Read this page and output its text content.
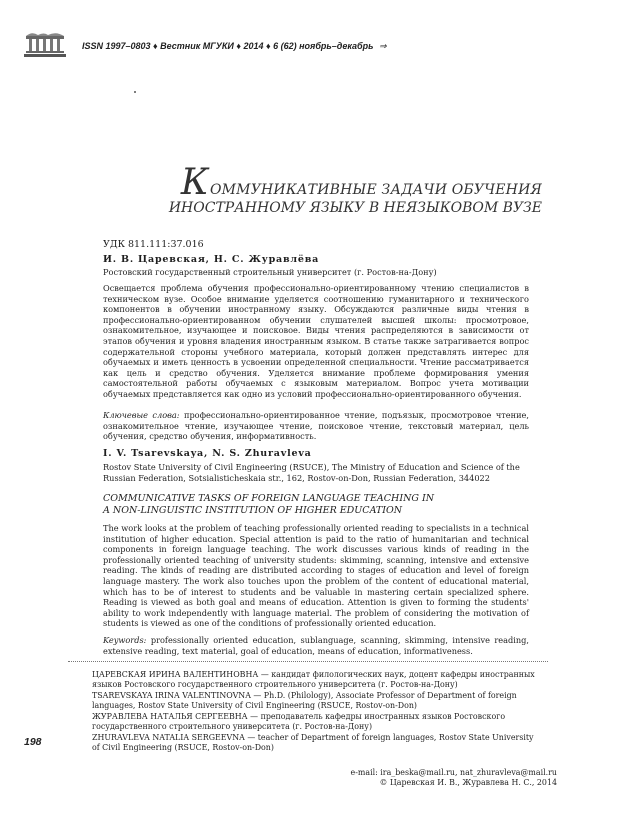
ISSN 1997–0803 ♦ Вестник МГУКИ ♦ 2014 ♦ 6 (62) ноябрь–декабрь ⇒
КОММУНИКАТИВНЫЕ ЗАДАЧИ ОБУЧЕНИЯ
ИНОСТРАННОМУ ЯЗЫКУ В НЕЯЗЫКОВОМ ВУЗЕ
УДК 811.111:37.016
И. В. Царевская, Н. С. Журавлёва
Ростовский государственный строительный университет (г. Ростов-на-Дону)
Освещается проблема обучения профессионально-ориентированному чтению специалистов в техническом вузе. Особое внимание уделяется соотношению гуманитарного и технического компонентов в обучении иностранному языку. Обсуждаются различные виды чтения в профессионально-ориентированном обучении слушателей высшей школы: просмотровое, ознакомительное, изучающее и поисковое. Виды чтения распределяются в зависимости от этапов обучения и уровня владения иностранным языком. В статье также затрагивается вопрос содержательной стороны учебного материала, который должен представлять интерес для обучаемых и иметь ценность в усвоении определенной специальности. Чтение рассматривается как цель и средство обучения. Уделяется внимание проблеме формирования умения самостоятельной работы обучаемых с языковым материалом. Вопрос учета мотивации обучаемых представляется как одно из условий профессионально-ориентированного обучения.
Ключевые слова: профессионально-ориентированное чтение, подъязык, просмотровое чтение, ознакомительное чтение, изучающее чтение, поисковое чтение, текстовый материал, цель обучения, средство обучения, информативность.
I. V. Tsarevskaya, N. S. Zhuravleva
Rostov State University of Civil Engineering (RSUCE), The Ministry of Education and Science of the Russian Federation, Sotsialisticheskaia str., 162, Rostov-on-Don, Russian Federation, 344022
COMMUNICATIVE TASKS OF FOREIGN LANGUAGE TEACHING IN
A NON-LINGUISTIC INSTITUTION OF HIGHER EDUCATION
The work looks at the problem of teaching professionally oriented reading to specialists in a technical institution of higher education. Special attention is paid to the ratio of humanitarian and technical components in foreign language teaching. The work discusses various kinds of reading in the professionally oriented teaching of university students: skimming, scanning, intensive and extensive reading. The kinds of reading are distributed according to stages of education and level of foreign language mastery. The work also touches upon the problem of the content of educational material, which has to be of interest to students and be valuable in mastering certain specialized sphere. Reading is viewed as both goal and means of education. Attention is given to forming the students' ability to work independently with language material. The problem of considering the motivation of students is viewed as one of the conditions of professionally oriented education.
Keywords: professionally oriented education, sublanguage, scanning, skimming, intensive reading, extensive reading, text material, goal of education, means of education, informativeness.
ЦАРЕВСКАЯ ИРИНА ВАЛЕНТИНОВНА — кандидат филологических наук, доцент кафедры иностранных языков Ростовского государственного строительного университета (г. Ростов-на-Дону)
TSAREVSKAYA IRINA VALENTINOVNA — Ph.D. (Philology), Associate Professor of Department of foreign languages, Rostov State University of Civil Engineering (RSUCE, Rostov-on-Don)
ЖУРАВЛЕВА НАТАЛЬЯ СЕРГЕЕВНА — преподаватель кафедры иностранных языков Ростовского государственного строительного университета (г. Ростов-на-Дону)
ZHURAVLEVA NATALIA SERGEEVNA — teacher of Department of foreign languages, Rostov State University of Civil Engineering (RSUCE, Rostov-on-Don)
e-mail: ira_beska@mail.ru, nat_zhuravleva@mail.ru
© Царевская И. В., Журавлева Н. С., 2014
198
